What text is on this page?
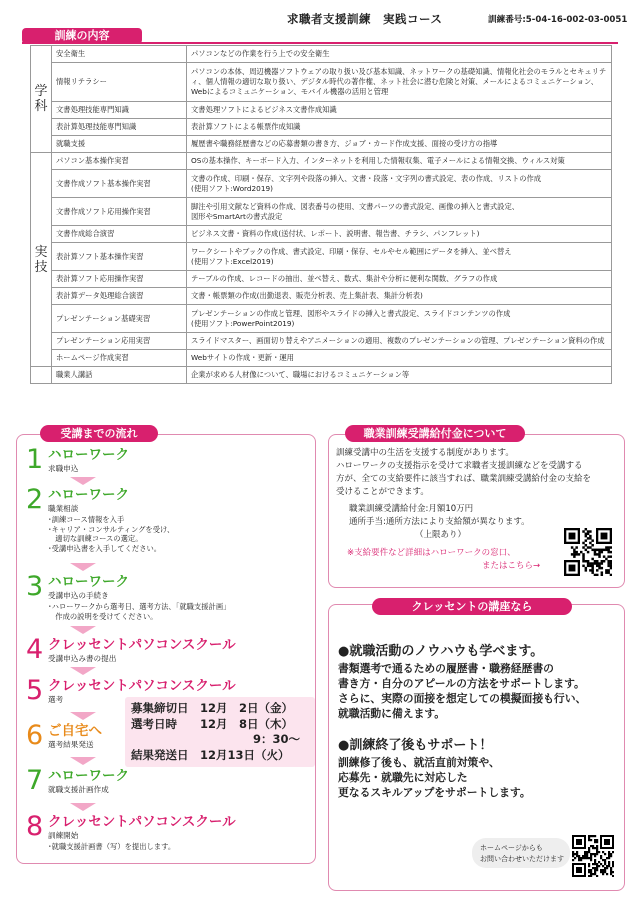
求職者支援訓練　実践コース	訓練番号:5-04-16-002-03-0051
訓練の内容
学
科	安全衛生	パソコンなどの作業を行う上での安全衛生
	情報リテラシー	パソコンの本体、周辺機器ソフトウェアの取り扱い及び基本知識、ネットワークの基礎知識、情報化社会のモラルとセキュリティ、個人情報の適切な取り扱い、デジタル時代の著作権、ネット社会に潜む危険と対策、メールによるコミュニケーション、Webによるコミュニケーション、モバイル機器の活用と管理
	文書処理技能専門知識	文書処理ソフトによるビジネス文書作成知識
	表計算処理技能専門知識	表計算ソフトによる帳票作成知識
	就職支援	履歴書や職務経歴書などの応募書類の書き方、ジョブ・カード作成支援、面接の受け方の指導
実
技	パソコン基本操作実習	OSの基本操作、キーボード入力、インターネットを利用した情報収集、電子メールによる情報交換、ウィルス対策
	文書作成ソフト基本操作実習	文書の作成、印刷・保存、文字列や段落の挿入、文書・段落・文字列の書式設定、表の作成、リストの作成
(使用ソフト:Word2019)
	文書作成ソフト応用操作実習	脚注や引用文献など資料の作成、図表番号の使用、文書パーツの書式設定、画像の挿入と書式設定、
図形やSmartArtの書式設定
	文書作成総合演習	ビジネス文書・資料の作成(送付状、レポート、説明書、報告書、チラシ、パンフレット)
	表計算ソフト基本操作実習	ワークシートやブックの作成、書式設定、印刷・保存、セルやセル範囲にデータを挿入、並べ替え
(使用ソフト:Excel2019)
	表計算ソフト応用操作実習	テーブルの作成、レコードの抽出、並べ替え、数式、集計や分析に便利な関数、グラフの作成
	表計算データ処理総合演習	文書・帳票類の作成(出勤退表、販売分析表、売上集計表、集計分析表)
	プレゼンテーション基礎実習	プレゼンテーションの作成と管理、図形やスライドの挿入と書式設定、スライドコンテンツの作成
(使用ソフト:PowerPoint2019)
	プレゼンテーション応用実習	スライドマスター、画面切り替えやアニメーションの適用、複数のプレゼンテーションの管理、プレゼンテーション資料の作成
	ホームページ作成実習	Webサイトの作成・更新・運用
	職業人講話	企業が求める人材像について、職場におけるコミュニケーション等
受講までの流れ
1 ハローワーク
求職申込
2 ハローワーク
職業相談
･訓練コース情報を入手
･キャリア・コンサルティングを受け、
　適切な訓練コースの選定。
･受講申込書を入手してください。
3 ハローワーク
受講申込の手続き
･ハローワークから選考日、選考方法、｢就職支援計画｣
　作成の説明を受けてください。
4 クレッセントパソコンスクール
受講申込み書の提出
5 クレッセントパソコンスクール
選考
6 ご自宅へ
選考結果発送
7 ハローワーク
就職支援計画作成
8 クレッセントパソコンスクール
訓練開始
･就職支援計画書（写）を提出します。
募集締切日　12月　2日（金）
選考日時　　12月　8日（木）
9：30～
結果発送日　12月13日（火）
職業訓練受講給付金について
訓練受講中の生活を支援する制度があります。
ハローワークの支援指示を受けて求職者支援訓練などを受講する
方が、全ての支給要件に該当すれば、職業訓練受講給付金の支給を
受けることができます。
職業訓練受講給付金:月額10万円
通所手当:通所方法により支給額が異なります。
（上限あり）
※支給要件など詳細はハローワークの窓口、
またはこちら→
クレッセントの講座なら
●就職活動のノウハウも学べます。
書類選考で通るための履歴書・職務経歴書の
書き方・自分のアピールの方法をサポートします。
さらに、実際の面接を想定しての模擬面接も行い、
就職活動に備えます。
●訓練終了後もサポート！
訓練修了後も、就活直前対策や、
応募先・就職先に対応した
更なるスキルアップをサポートします。
ホームページからも
お問い合わせいただけます
